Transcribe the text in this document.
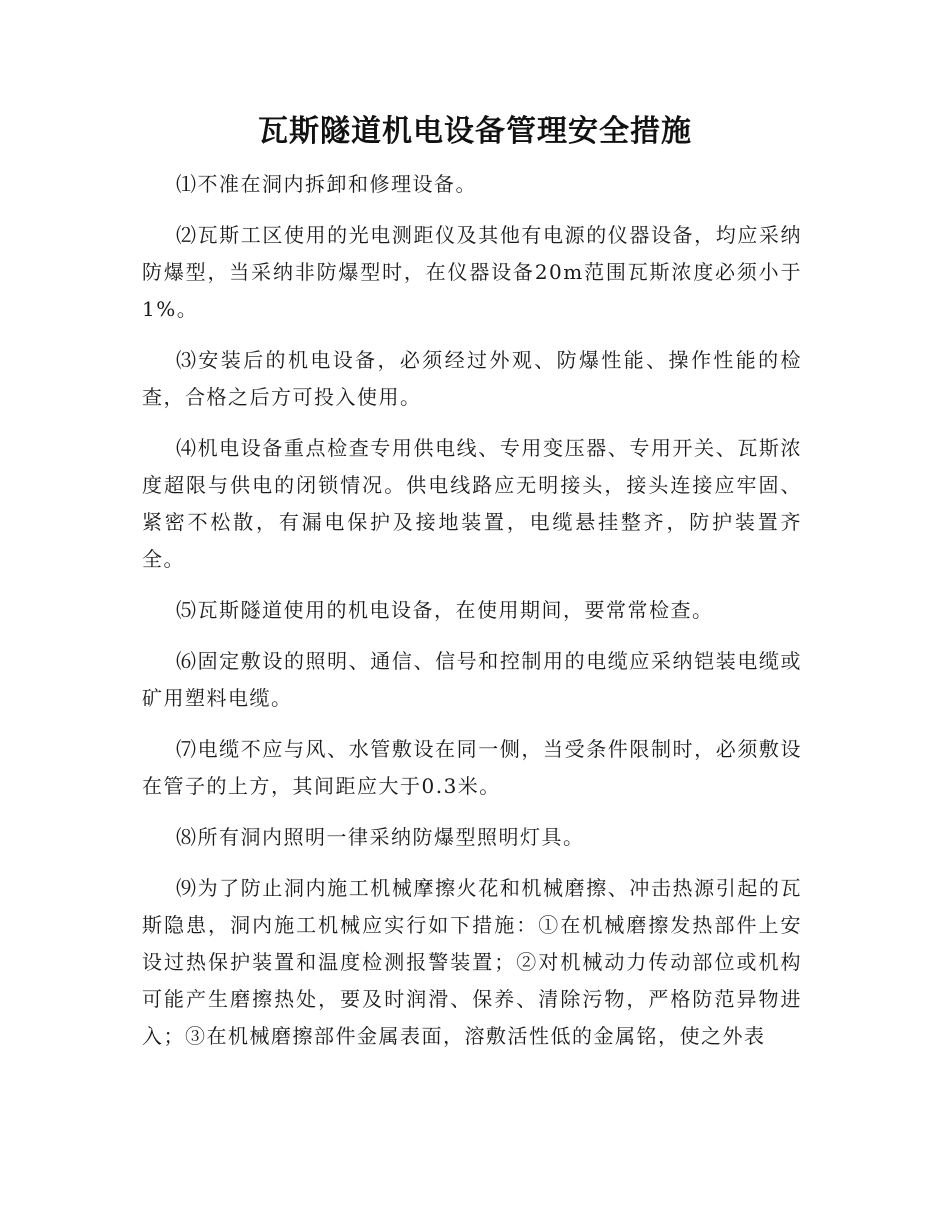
瓦斯隧道机电设备管理安全措施

⑴不准在洞内拆卸和修理设备。

⑵瓦斯工区使用的光电测距仪及其他有电源的仪器设备，均应采纳防爆型，当采纳非防爆型时，在仪器设备20m范围瓦斯浓度必须小于1%。

⑶安装后的机电设备，必须经过外观、防爆性能、操作性能的检查，合格之后方可投入使用。

⑷机电设备重点检查专用供电线、专用变压器、专用开关、瓦斯浓度超限与供电的闭锁情况。供电线路应无明接头，接头连接应牢固、紧密不松散，有漏电保护及接地装置，电缆悬挂整齐，防护装置齐全。

⑸瓦斯隧道使用的机电设备，在使用期间，要常常检查。

⑹固定敷设的照明、通信、信号和控制用的电缆应采纳铠装电缆或矿用塑料电缆。

⑺电缆不应与风、水管敷设在同一侧，当受条件限制时，必须敷设在管子的上方，其间距应大于0.3米。

⑻所有洞内照明一律采纳防爆型照明灯具。

⑼为了防止洞内施工机械摩擦火花和机械磨擦、冲击热源引起的瓦斯隐患，洞内施工机械应实行如下措施：①在机械磨擦发热部件上安设过热保护装置和温度检测报警装置；②对机械动力传动部位或机构可能产生磨擦热处，要及时润滑、保养、清除污物，严格防范异物进入；③在机械磨擦部件金属表面，溶敷活性低的金属铭，使之外表
